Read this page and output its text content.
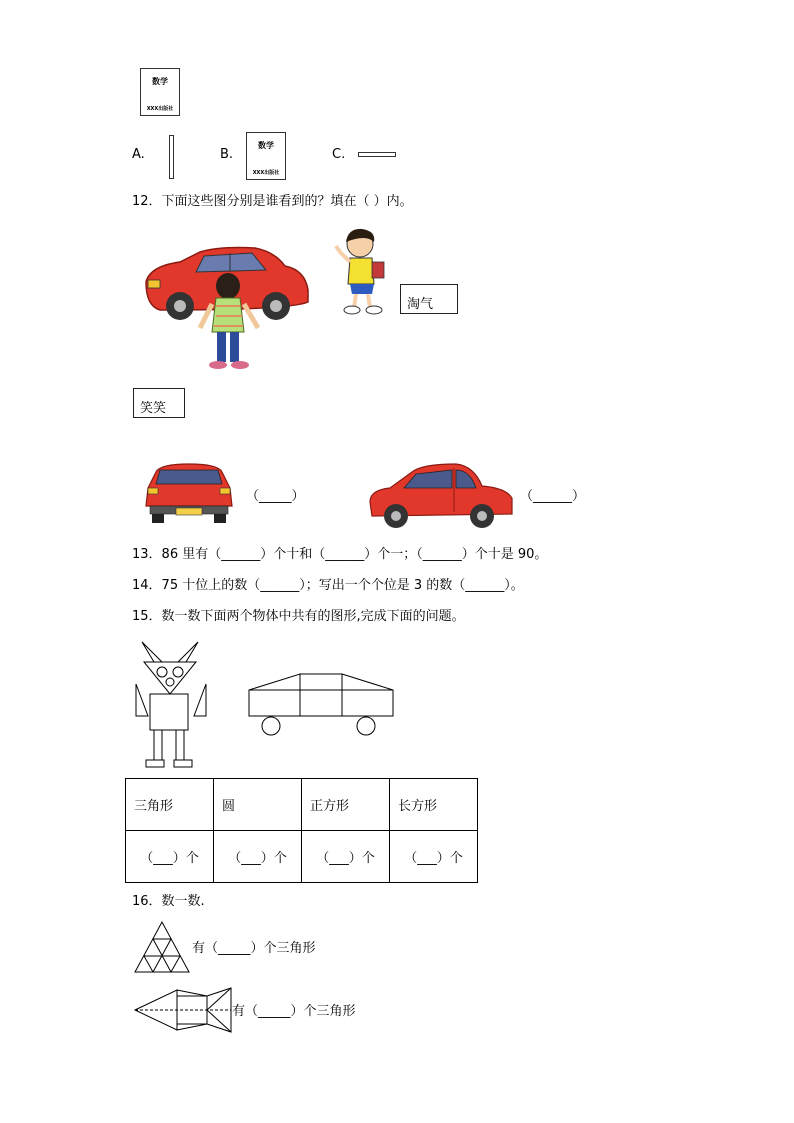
数学
XXX出版社
A.	B.
数学
XXX出版社
C.
12．下面这些图分别是谁看到的？填在（ ）内。
淘气
笑笑
（_____）	（______）
13．86 里有（______）个十和（______）个一；（______）个十是 90。
14．75 十位上的数（______）；写出一个个位是 3 的数（______）。
15．数一数下面两个物体中共有的图形,完成下面的问题。
三角形	圆	正方形	长方形
（___）个	（___）个	（___）个	（___）个
16．数一数.
有（_____）个三角形
有（_____）个三角形
